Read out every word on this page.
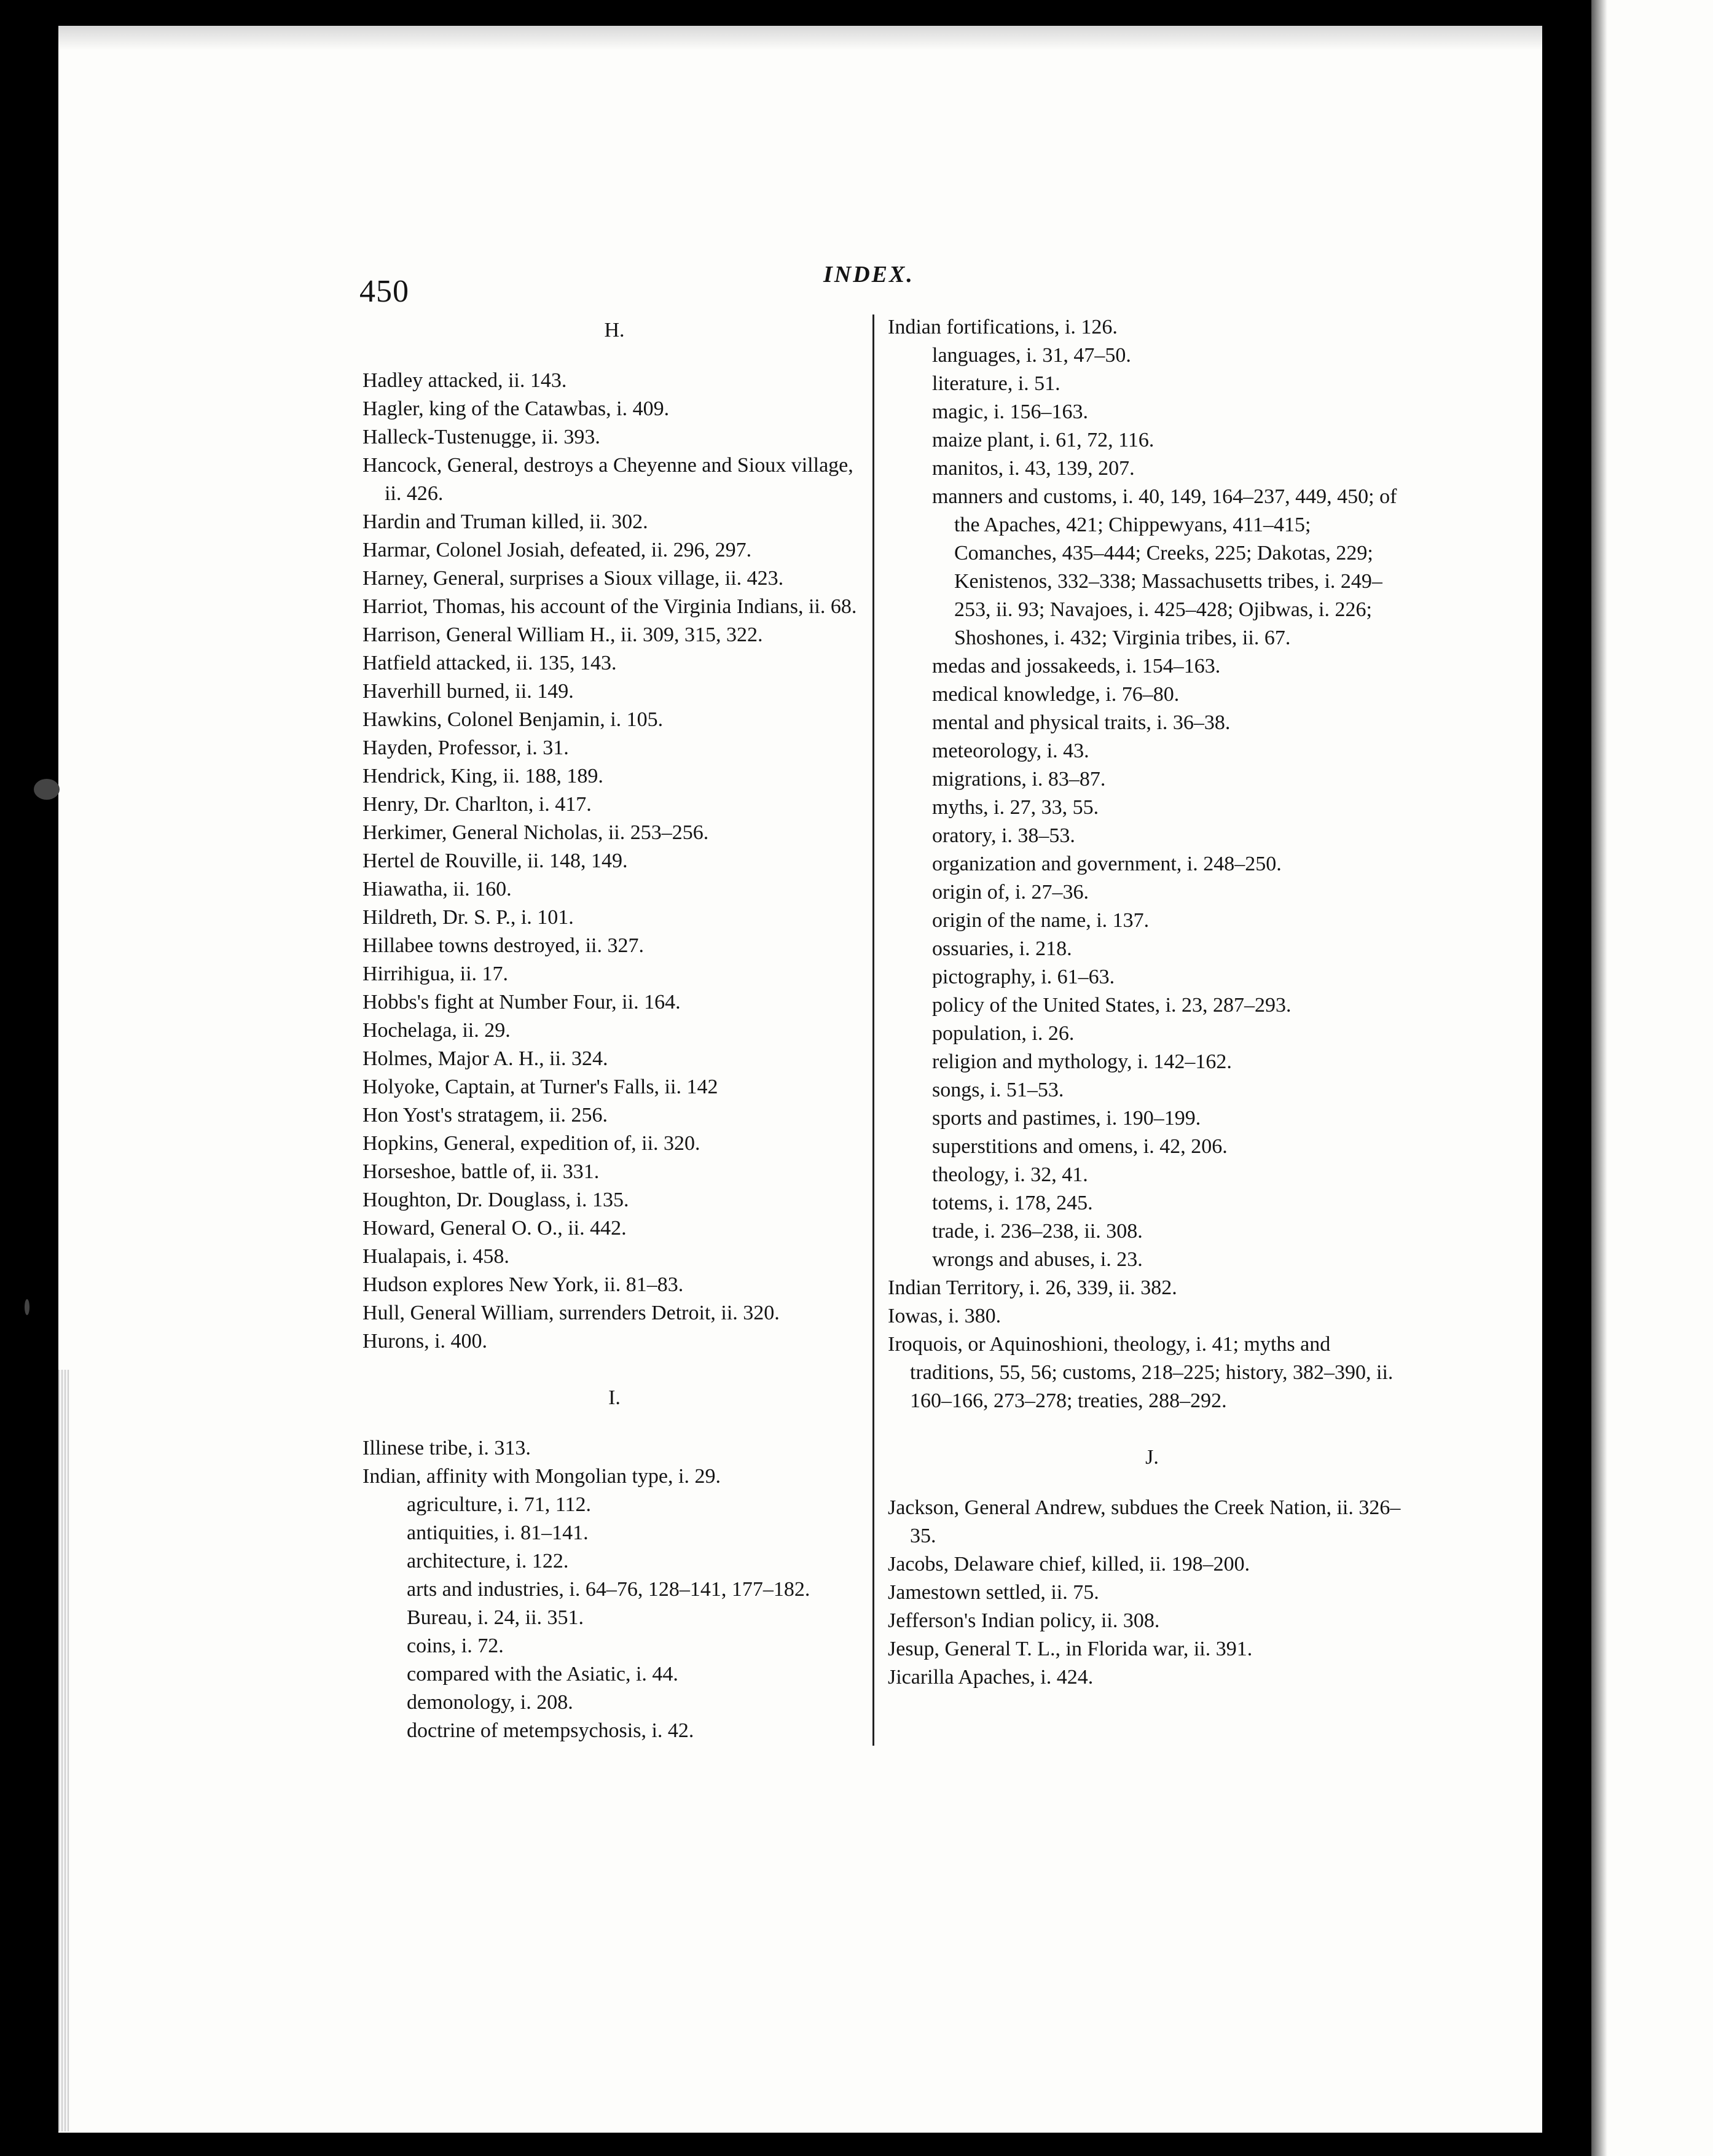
450	INDEX.

H.

Hadley attacked, ii. 143.

Hagler, king of the Catawbas, i. 409.

Halleck-Tustenugge, ii. 393.

Hancock, General, destroys a Cheyenne and Sioux village, ii. 426.

Hardin and Truman killed, ii. 302.

Harmar, Colonel Josiah, defeated, ii. 296, 297.

Harney, General, surprises a Sioux village, ii. 423.

Harriot, Thomas, his account of the Virginia Indians, ii. 68.

Harrison, General William H., ii. 309, 315, 322.

Hatfield attacked, ii. 135, 143.

Haverhill burned, ii. 149.

Hawkins, Colonel Benjamin, i. 105.

Hayden, Professor, i. 31.

Hendrick, King, ii. 188, 189.

Henry, Dr. Charlton, i. 417.

Herkimer, General Nicholas, ii. 253–256.

Hertel de Rouville, ii. 148, 149.

Hiawatha, ii. 160.

Hildreth, Dr. S. P., i. 101.

Hillabee towns destroyed, ii. 327.

Hirrihigua, ii. 17.

Hobbs's fight at Number Four, ii. 164.

Hochelaga, ii. 29.

Holmes, Major A. H., ii. 324.

Holyoke, Captain, at Turner's Falls, ii. 142

Hon Yost's stratagem, ii. 256.

Hopkins, General, expedition of, ii. 320.

Horseshoe, battle of, ii. 331.

Houghton, Dr. Douglass, i. 135.

Howard, General O. O., ii. 442.

Hualapais, i. 458.

Hudson explores New York, ii. 81–83.

Hull, General William, surrenders Detroit, ii. 320.

Hurons, i. 400.

I.

Illinese tribe, i. 313.

Indian, affinity with Mongolian type, i. 29.

agriculture, i. 71, 112.

antiquities, i. 81–141.

architecture, i. 122.

arts and industries, i. 64–76, 128–141, 177–182.

Bureau, i. 24, ii. 351.

coins, i. 72.

compared with the Asiatic, i. 44.

demonology, i. 208.

doctrine of metempsychosis, i. 42.

Indian fortifications, i. 126.

languages, i. 31, 47–50.

literature, i. 51.

magic, i. 156–163.

maize plant, i. 61, 72, 116.

manitos, i. 43, 139, 207.

manners and customs, i. 40, 149, 164–237, 449, 450; of the Apaches, 421; Chippewyans, 411–415; Comanches, 435–444; Creeks, 225; Dakotas, 229; Kenistenos, 332–338; Massachusetts tribes, i. 249–253, ii. 93; Navajoes, i. 425–428; Ojibwas, i. 226; Shoshones, i. 432; Virginia tribes, ii. 67.

medas and jossakeeds, i. 154–163.

medical knowledge, i. 76–80.

mental and physical traits, i. 36–38.

meteorology, i. 43.

migrations, i. 83–87.

myths, i. 27, 33, 55.

oratory, i. 38–53.

organization and government, i. 248–250.

origin of, i. 27–36.

origin of the name, i. 137.

ossuaries, i. 218.

pictography, i. 61–63.

policy of the United States, i. 23, 287–293.

population, i. 26.

religion and mythology, i. 142–162.

songs, i. 51–53.

sports and pastimes, i. 190–199.

superstitions and omens, i. 42, 206.

theology, i. 32, 41.

totems, i. 178, 245.

trade, i. 236–238, ii. 308.

wrongs and abuses, i. 23.

Indian Territory, i. 26, 339, ii. 382.

Iowas, i. 380.

Iroquois, or Aquinoshioni, theology, i. 41; myths and traditions, 55, 56; customs, 218–225; history, 382–390, ii. 160–166, 273–278; treaties, 288–292.

J.

Jackson, General Andrew, subdues the Creek Nation, ii. 326–35.

Jacobs, Delaware chief, killed, ii. 198–200.

Jamestown settled, ii. 75.

Jefferson's Indian policy, ii. 308.

Jesup, General T. L., in Florida war, ii. 391.

Jicarilla Apaches, i. 424.
